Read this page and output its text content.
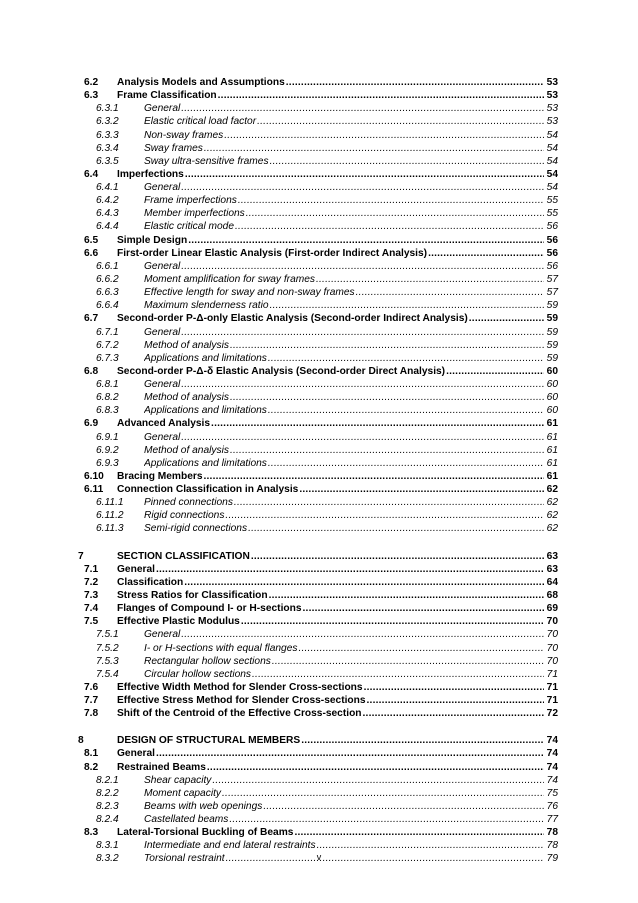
6.2 Analysis Models and Assumptions .....	53
6.3 Frame Classification .....	53
6.3.1 General .....	53
6.3.2 Elastic critical load factor .....	53
6.3.3 Non-sway frames .....	54
6.3.4 Sway frames .....	54
6.3.5 Sway ultra-sensitive frames .....	54
6.4 Imperfections .....	54
6.4.1 General .....	54
6.4.2 Frame imperfections .....	55
6.4.3 Member imperfections .....	55
6.4.4 Elastic critical mode .....	56
6.5 Simple Design .....	56
6.6 First-order Linear Elastic Analysis (First-order Indirect Analysis) .....	56
6.6.1 General .....	56
6.6.2 Moment amplification for sway frames .....	57
6.6.3 Effective length for sway and non-sway frames .....	57
6.6.4 Maximum slenderness ratio .....	59
6.7 Second-order P-Δ-only Elastic Analysis (Second-order Indirect Analysis) .....	59
6.7.1 General .....	59
6.7.2 Method of analysis .....	59
6.7.3 Applications and limitations .....	59
6.8 Second-order P-Δ-δ Elastic Analysis (Second-order Direct Analysis) .....	60
6.8.1 General .....	60
6.8.2 Method of analysis .....	60
6.8.3 Applications and limitations .....	60
6.9 Advanced Analysis .....	61
6.9.1 General .....	61
6.9.2 Method of analysis .....	61
6.9.3 Applications and limitations .....	61
6.10 Bracing Members .....	61
6.11 Connection Classification in Analysis .....	62
6.11.1 Pinned connections .....	62
6.11.2 Rigid connections .....	62
6.11.3 Semi-rigid connections .....	62
7	SECTION CLASSIFICATION .....	63
7.1 General .....	63
7.2 Classification .....	64
7.3 Stress Ratios for Classification .....	68
7.4 Flanges of Compound I- or H-sections .....	69
7.5 Effective Plastic Modulus .....	70
7.5.1 General .....	70
7.5.2 I- or H-sections with equal flanges .....	70
7.5.3 Rectangular hollow sections .....	70
7.5.4 Circular hollow sections .....	71
7.6 Effective Width Method for Slender Cross-sections .....	71
7.7 Effective Stress Method for Slender Cross-sections .....	71
7.8 Shift of the Centroid of the Effective Cross-section .....	72
8	DESIGN OF STRUCTURAL MEMBERS .....	74
8.1 General .....	74
8.2 Restrained Beams .....	74
8.2.1 Shear capacity .....	74
8.2.2 Moment capacity .....	75
8.2.3 Beams with web openings .....	76
8.2.4 Castellated beams .....	77
8.3 Lateral-Torsional Buckling of Beams .....	78
8.3.1 Intermediate and end lateral restraints .....	78
8.3.2 Torsional restraint .....	79
v
